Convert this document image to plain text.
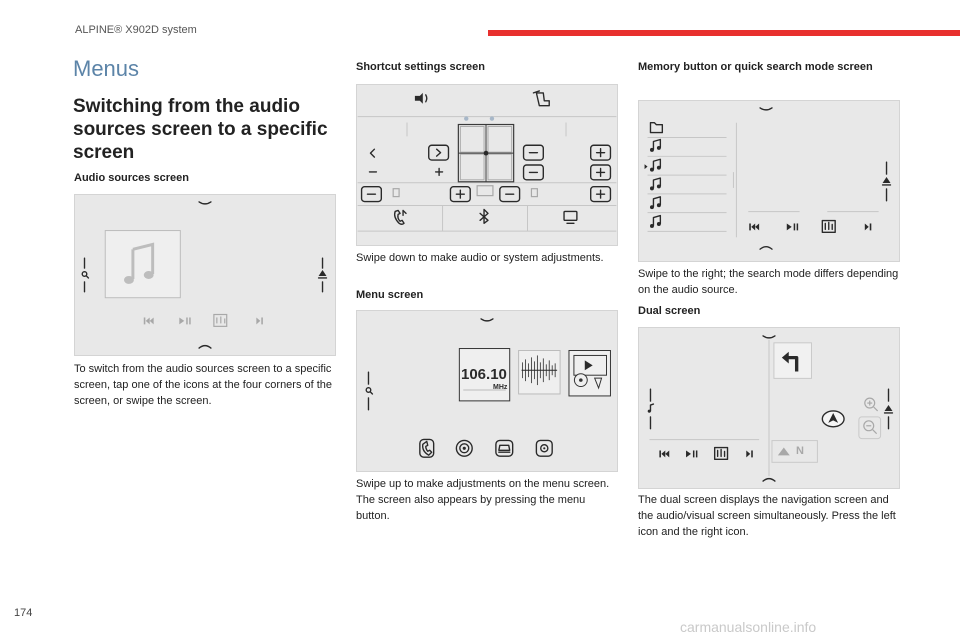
ALPINE® X902D system
174
carmanualsonline.info
Menus
Switching from the audio sources screen to a specific screen
Audio sources screen
To switch from the audio sources screen to a specific screen, tap one of the icons at the four corners of the screen, or swipe the screen.
Shortcut settings screen
Swipe down to make audio or system adjustments.
Menu screen
106.10
MHz
Swipe up to make adjustments on the menu screen.
The screen also appears by pressing the menu button.
Memory button or quick search mode screen
Swipe to the right; the search mode differs depending on the audio source.
Dual screen
N
The dual screen displays the navigation screen and the audio/visual screen simultaneously. Press the left icon and the right icon.
